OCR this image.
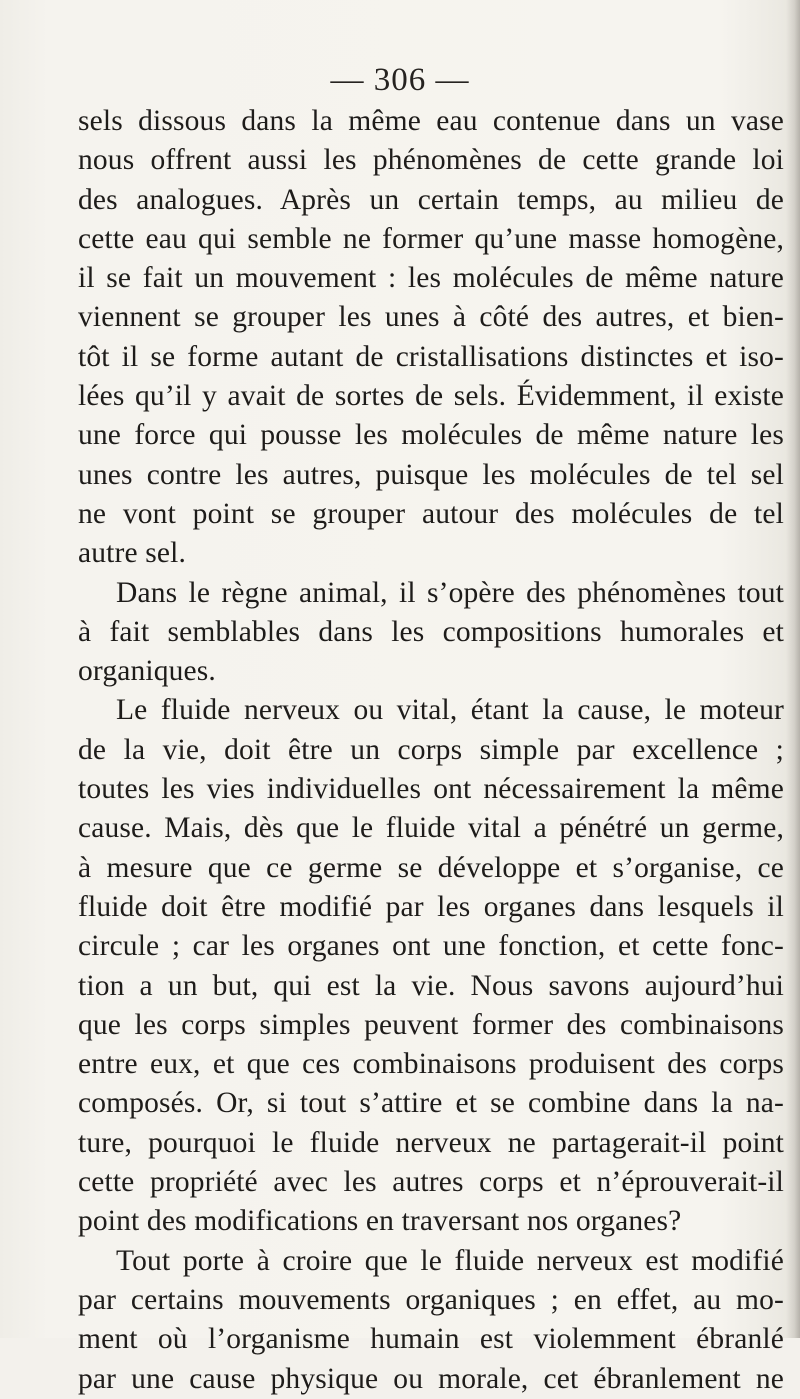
— 306 —
sels dissous dans la même eau contenue dans un vase
nous offrent aussi les phénomènes de cette grande loi
des analogues. Après un certain temps, au milieu de
cette eau qui semble ne former qu’une masse homogène,
il se fait un mouvement : les molécules de même nature
viennent se grouper les unes à côté des autres, et bien-
tôt il se forme autant de cristallisations distinctes et iso-
lées qu’il y avait de sortes de sels. Évidemment, il existe
une force qui pousse les molécules de même nature les
unes contre les autres, puisque les molécules de tel sel
ne vont point se grouper autour des molécules de tel
autre sel.
Dans le règne animal, il s’opère des phénomènes tout
à fait semblables dans les compositions humorales et
organiques.
Le fluide nerveux ou vital, étant la cause, le moteur
de la vie, doit être un corps simple par excellence ;
toutes les vies individuelles ont nécessairement la même
cause. Mais, dès que le fluide vital a pénétré un germe,
à mesure que ce germe se développe et s’organise, ce
fluide doit être modifié par les organes dans lesquels il
circule ; car les organes ont une fonction, et cette fonc-
tion a un but, qui est la vie. Nous savons aujourd’hui
que les corps simples peuvent former des combinaisons
entre eux, et que ces combinaisons produisent des corps
composés. Or, si tout s’attire et se combine dans la na-
ture, pourquoi le fluide nerveux ne partagerait-il point
cette propriété avec les autres corps et n’éprouverait-il
point des modifications en traversant nos organes?
Tout porte à croire que le fluide nerveux est modifié
par certains mouvements organiques ; en effet, au mo-
ment où l’organisme humain est violemment ébranlé
par une cause physique ou morale, cet ébranlement ne
